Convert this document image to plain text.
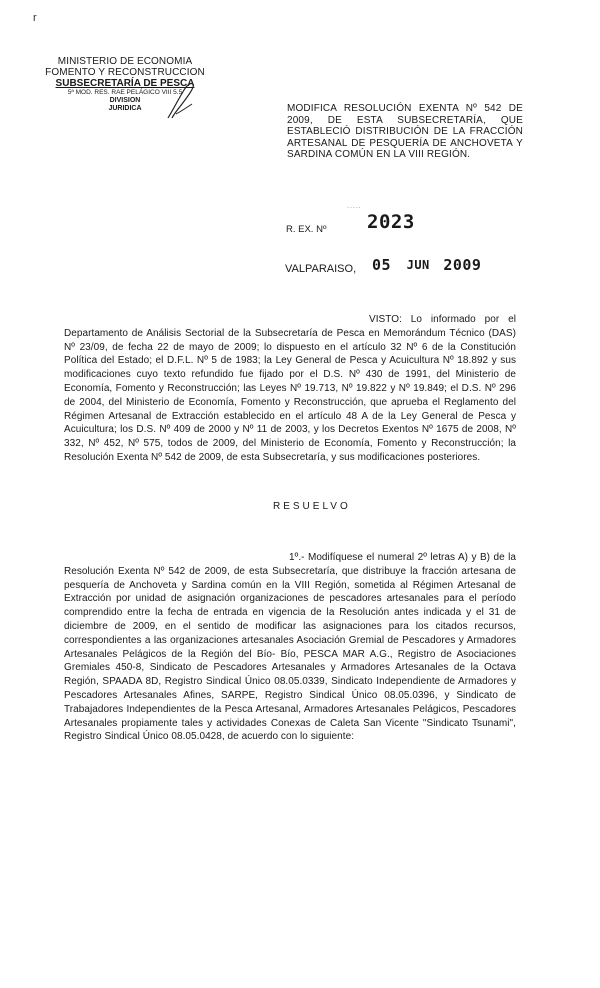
r
MINISTERIO DE ECONOMIA
FOMENTO Y RECONSTRUCCION
SUBSECRETARÍA DE PESCA
5ª MOD. RES. RAE PELÁGICO VIII 5.5
DIVISION
JURIDICA	MODIFICA RESOLUCIÓN EXENTA Nº 542 DE 2009, DE ESTA SUBSECRETARÍA, QUE ESTABLECIÓ DISTRIBUCIÓN DE LA FRACCIÓN ARTESANAL DE PESQUERÍA DE ANCHOVETA Y SARDINA COMÚN EN LA VIII REGIÓN.
.....
R. EX. Nº 2023
VALPARAISO, 05 JUN 2009
VISTO: Lo informado por el Departamento de Análisis Sectorial de la Subsecretaría de Pesca en Memorándum Técnico (DAS) Nº 23/09, de fecha 22 de mayo de 2009; lo dispuesto en el artículo 32 Nº 6 de la Constitución Política del Estado; el D.F.L. Nº 5 de 1983; la Ley General de Pesca y Acuicultura Nº 18.892 y sus modificaciones cuyo texto refundido fue fijado por el D.S. Nº 430 de 1991, del Ministerio de Economía, Fomento y Reconstrucción; las Leyes Nº 19.713, Nº 19.822 y Nº 19.849; el D.S. Nº 296 de 2004, del Ministerio de Economía, Fomento y Reconstrucción, que aprueba el Reglamento del Régimen Artesanal de Extracción establecido en el artículo 48 A de la Ley General de Pesca y Acuicultura; los D.S. Nº 409 de 2000 y Nº 11 de 2003, y los Decretos Exentos Nº 1675 de 2008, Nº 332, Nº 452, Nº 575, todos de 2009, del Ministerio de Economía, Fomento y Reconstrucción; la Resolución Exenta Nº 542 de 2009, de esta Subsecretaría, y sus modificaciones posteriores.
RESUELVO
1º.- Modifíquese el numeral 2º letras A) y B) de la Resolución Exenta Nº 542 de 2009, de esta Subsecretaría, que distribuye la fracción artesana de pesquería de Anchoveta y Sardina común en la VIII Región, sometida al Régimen Artesanal de Extracción por unidad de asignación organizaciones de pescadores artesanales para el período comprendido entre la fecha de entrada en vigencia de la Resolución antes indicada y el 31 de diciembre de 2009, en el sentido de modificar las asignaciones para los citados recursos, correspondientes a las organizaciones artesanales Asociación Gremial de Pescadores y Armadores Artesanales Pelágicos de la Región del Bío- Bío, PESCA MAR A.G., Registro de Asociaciones Gremiales 450-8, Sindicato de Pescadores Artesanales y Armadores Artesanales de la Octava Región, SPAADA 8D, Registro Sindical Único 08.05.0339, Sindicato Independiente de Armadores y Pescadores Artesanales Afines, SARPE, Registro Sindical Único 08.05.0396, y Sindicato de Trabajadores Independientes de la Pesca Artesanal, Armadores Artesanales Pelágicos, Pescadores Artesanales propiamente tales y actividades Conexas de Caleta San Vicente "Sindicato Tsunami", Registro Sindical Único 08.05.0428, de acuerdo con lo siguiente:
